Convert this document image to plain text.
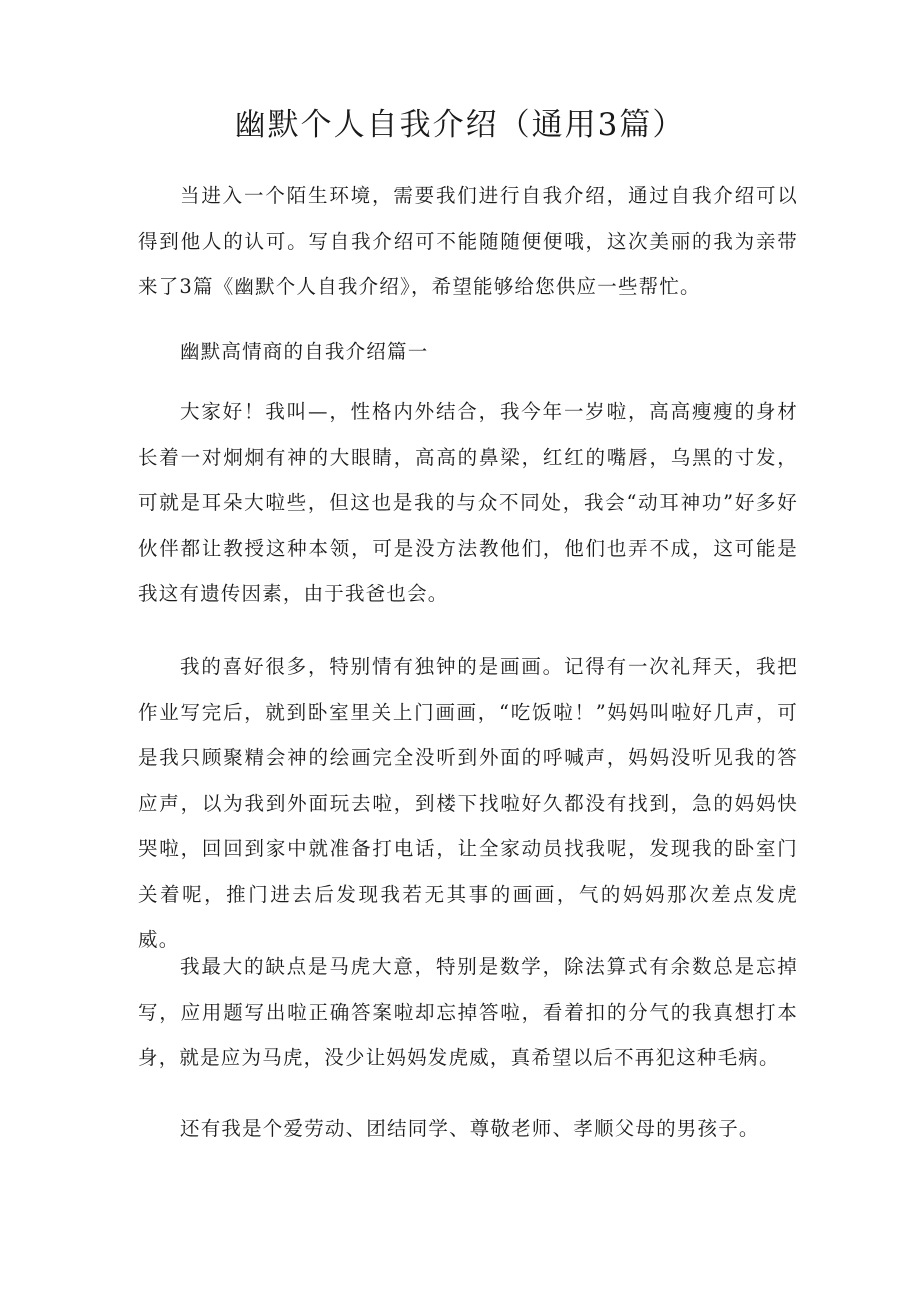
幽默个人自我介绍（通用3篇）

当进入一个陌生环境，需要我们进行自我介绍，通过自我介绍可以得到他人的认可。写自我介绍可不能随随便便哦，这次美丽的我为亲带来了3篇《幽默个人自我介绍》，希望能够给您供应一些帮忙。

幽默高情商的自我介绍篇一

大家好！我叫—，性格内外结合，我今年一岁啦，高高瘦瘦的身材长着一对炯炯有神的大眼睛，高高的鼻梁，红红的嘴唇，乌黑的寸发，可就是耳朵大啦些，但这也是我的与众不同处，我会“动耳神功”好多好伙伴都让教授这种本领，可是没方法教他们，他们也弄不成，这可能是我这有遗传因素，由于我爸也会。

我的喜好很多，特别情有独钟的是画画。记得有一次礼拜天，我把作业写完后，就到卧室里关上门画画，“吃饭啦！”妈妈叫啦好几声，可是我只顾聚精会神的绘画完全没听到外面的呼喊声，妈妈没听见我的答应声，以为我到外面玩去啦，到楼下找啦好久都没有找到，急的妈妈快哭啦，回回到家中就准备打电话，让全家动员找我呢，发现我的卧室门关着呢，推门进去后发现我若无其事的画画，气的妈妈那次差点发虎威。

我最大的缺点是马虎大意，特别是数学，除法算式有余数总是忘掉写，应用题写出啦正确答案啦却忘掉答啦，看着扣的分气的我真想打本身，就是应为马虎，没少让妈妈发虎威，真希望以后不再犯这种毛病。

还有我是个爱劳动、团结同学、尊敬老师、孝顺父母的男孩子。
